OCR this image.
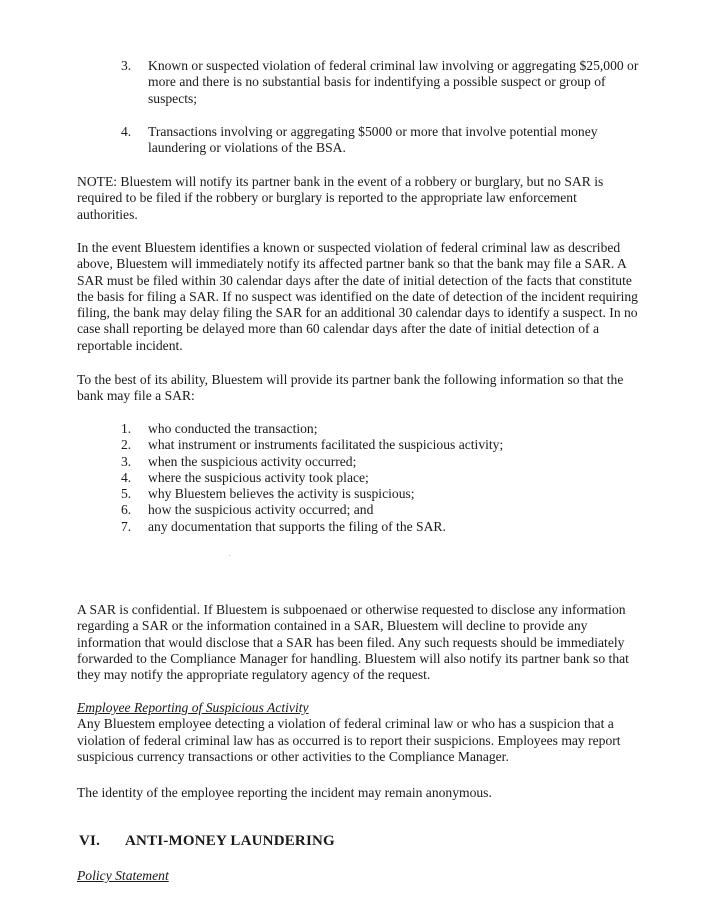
3. Known or suspected violation of federal criminal law involving or aggregating $25,000 or more and there is no substantial basis for indentifying a possible suspect or group of suspects;
4. Transactions involving or aggregating $5000 or more that involve potential money laundering or violations of the BSA.

NOTE: Bluestem will notify its partner bank in the event of a robbery or burglary, but no SAR is required to be filed if the robbery or burglary is reported to the appropriate law enforcement authorities.

In the event Bluestem identifies a known or suspected violation of federal criminal law as described above, Bluestem will immediately notify its affected partner bank so that the bank may file a SAR. A SAR must be filed within 30 calendar days after the date of initial detection of the facts that constitute the basis for filing a SAR. If no suspect was identified on the date of detection of the incident requiring filing, the bank may delay filing the SAR for an additional 30 calendar days to identify a suspect. In no case shall reporting be delayed more than 60 calendar days after the date of initial detection of a reportable incident.

To the best of its ability, Bluestem will provide its partner bank the following information so that the bank may file a SAR:

1. who conducted the transaction;
2. what instrument or instruments facilitated the suspicious activity;
3. when the suspicious activity occurred;
4. where the suspicious activity took place;
5. why Bluestem believes the activity is suspicious;
6. how the suspicious activity occurred; and
7. any documentation that supports the filing of the SAR.

A SAR is confidential. If Bluestem is subpoenaed or otherwise requested to disclose any information regarding a SAR or the information contained in a SAR, Bluestem will decline to provide any information that would disclose that a SAR has been filed. Any such requests should be immediately forwarded to the Compliance Manager for handling. Bluestem will also notify its partner bank so that they may notify the appropriate regulatory agency of the request.

Employee Reporting of Suspicious Activity
Any Bluestem employee detecting a violation of federal criminal law or who has a suspicion that a violation of federal criminal law has as occurred is to report their suspicions. Employees may report suspicious currency transactions or other activities to the Compliance Manager.

The identity of the employee reporting the incident may remain anonymous.

VI. ANTI-MONEY LAUNDERING

Policy Statement
